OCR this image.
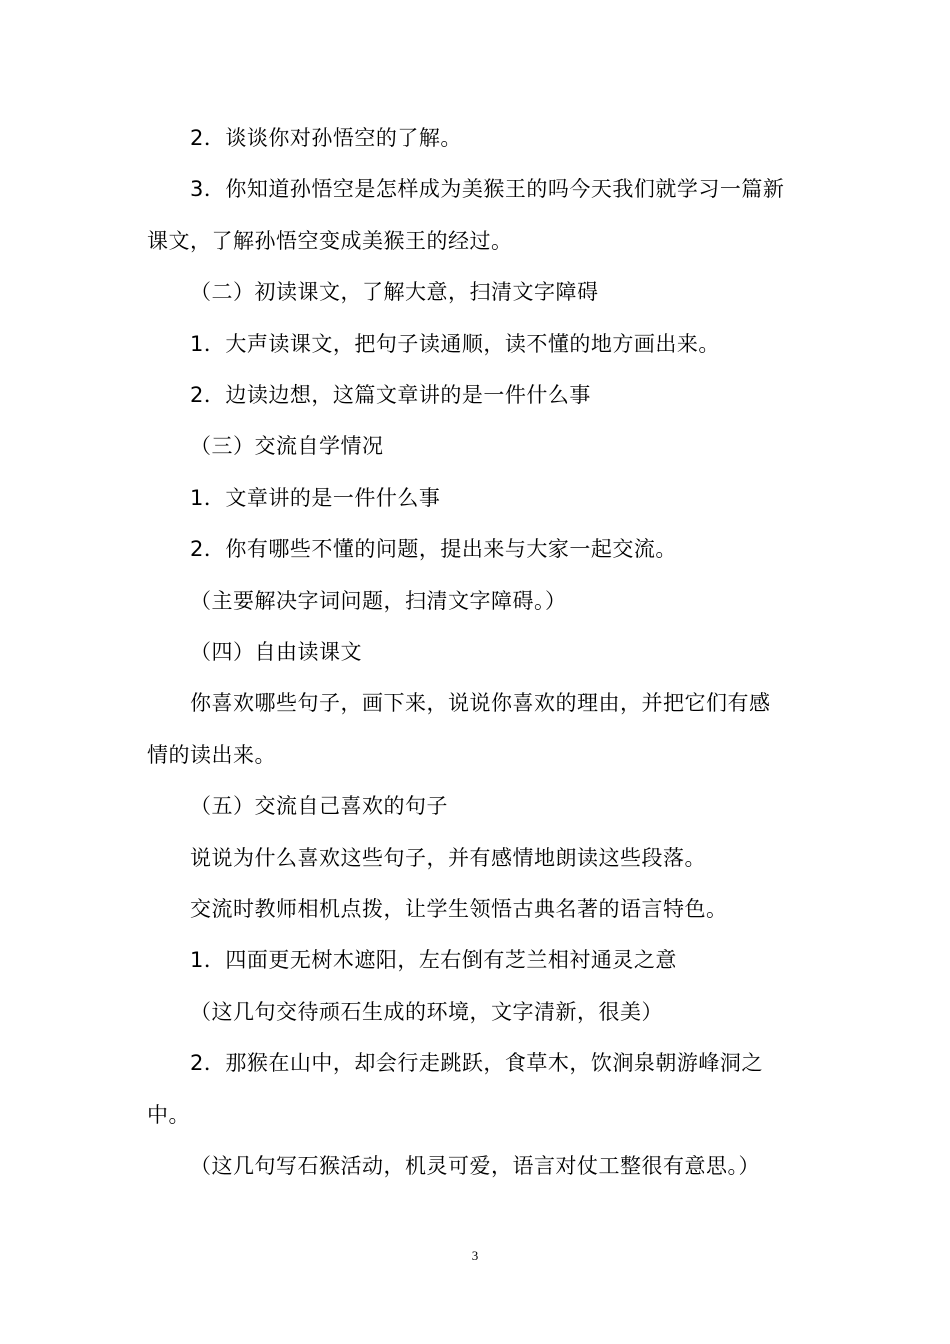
2．谈谈你对孙悟空的了解。
3．你知道孙悟空是怎样成为美猴王的吗今天我们就学习一篇新
课文，了解孙悟空变成美猴王的经过。
（二）初读课文，了解大意，扫清文字障碍
1．大声读课文，把句子读通顺，读不懂的地方画出来。
2．边读边想，这篇文章讲的是一件什么事
（三）交流自学情况
1．文章讲的是一件什么事
2．你有哪些不懂的问题，提出来与大家一起交流。
（主要解决字词问题，扫清文字障碍。）
（四）自由读课文
你喜欢哪些句子，画下来，说说你喜欢的理由，并把它们有感
情的读出来。
（五）交流自己喜欢的句子
说说为什么喜欢这些句子，并有感情地朗读这些段落。
交流时教师相机点拨，让学生领悟古典名著的语言特色。
1．四面更无树木遮阳，左右倒有芝兰相衬通灵之意
（这几句交待顽石生成的环境，文字清新，很美）
2．那猴在山中，却会行走跳跃，食草木，饮涧泉朝游峰洞之
中。
（这几句写石猴活动，机灵可爱，语言对仗工整很有意思。）
3
